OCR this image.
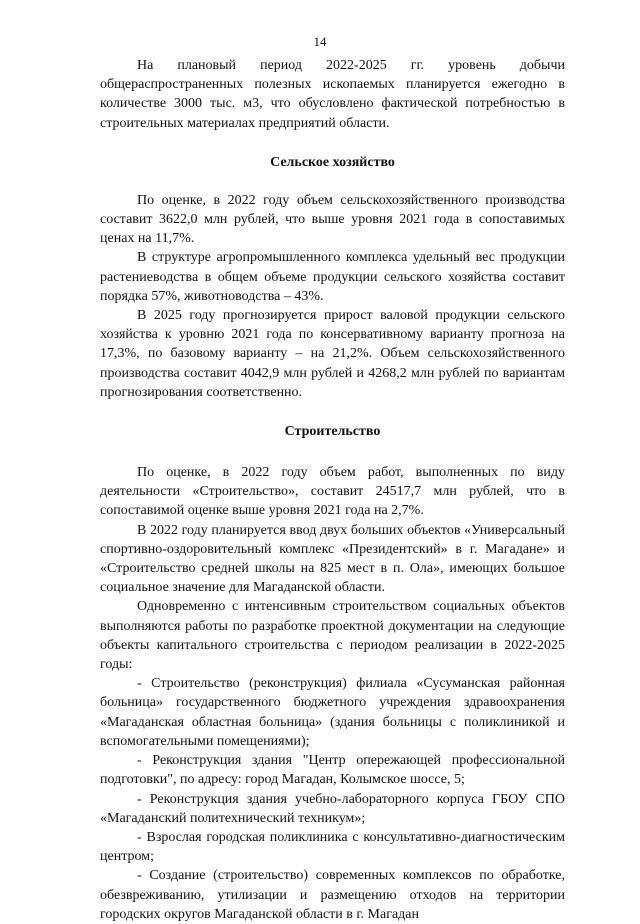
14

На плановый период 2022-2025 гг. уровень добычи общераспространенных полезных ископаемых планируется ежегодно в количестве 3000 тыс. м3, что обусловлено фактической потребностью в строительных материалах предприятий области.

Сельское хозяйство

По оценке, в 2022 году объем сельскохозяйственного производства составит 3622,0 млн рублей, что выше уровня 2021 года в сопоставимых ценах на 11,7%.

В структуре агропромышленного комплекса удельный вес продукции растениеводства в общем объеме продукции сельского хозяйства составит порядка 57%, животноводства – 43%.

В 2025 году прогнозируется прирост валовой продукции сельского хозяйства к уровню 2021 года по консервативному варианту прогноза на 17,3%, по базовому варианту – на 21,2%. Объем сельскохозяйственного производства составит 4042,9 млн рублей и 4268,2 млн рублей по вариантам прогнозирования соответственно.

Строительство

По оценке, в 2022 году объем работ, выполненных по виду деятельности «Строительство», составит 24517,7 млн рублей, что в сопоставимой оценке выше уровня 2021 года на 2,7%.

В 2022 году планируется ввод двух больших объектов «Универсальный спортивно-оздоровительный комплекс «Президентский» в г. Магадане» и «Строительство средней школы на 825 мест в п. Ола», имеющих большое социальное значение для Магаданской области.

Одновременно с интенсивным строительством социальных объектов выполняются работы по разработке проектной документации на следующие объекты капитального строительства с периодом реализации в 2022-2025 годы:

- Строительство (реконструкция) филиала «Сусуманская районная больница» государственного бюджетного учреждения здравоохранения «Магаданская областная больница» (здания больницы с поликлиникой и вспомогательными помещениями);

- Реконструкция здания "Центр опережающей профессиональной подготовки", по адресу: город Магадан, Колымское шоссе, 5;

- Реконструкция здания учебно-лабораторного корпуса ГБОУ СПО «Магаданский политехнический техникум»;

- Взрослая городская поликлиника с консультативно-диагностическим центром;

- Создание (строительство) современных комплексов по обработке, обезвреживанию, утилизации и размещению отходов на территории городских округов Магаданской области в г. Магадан
